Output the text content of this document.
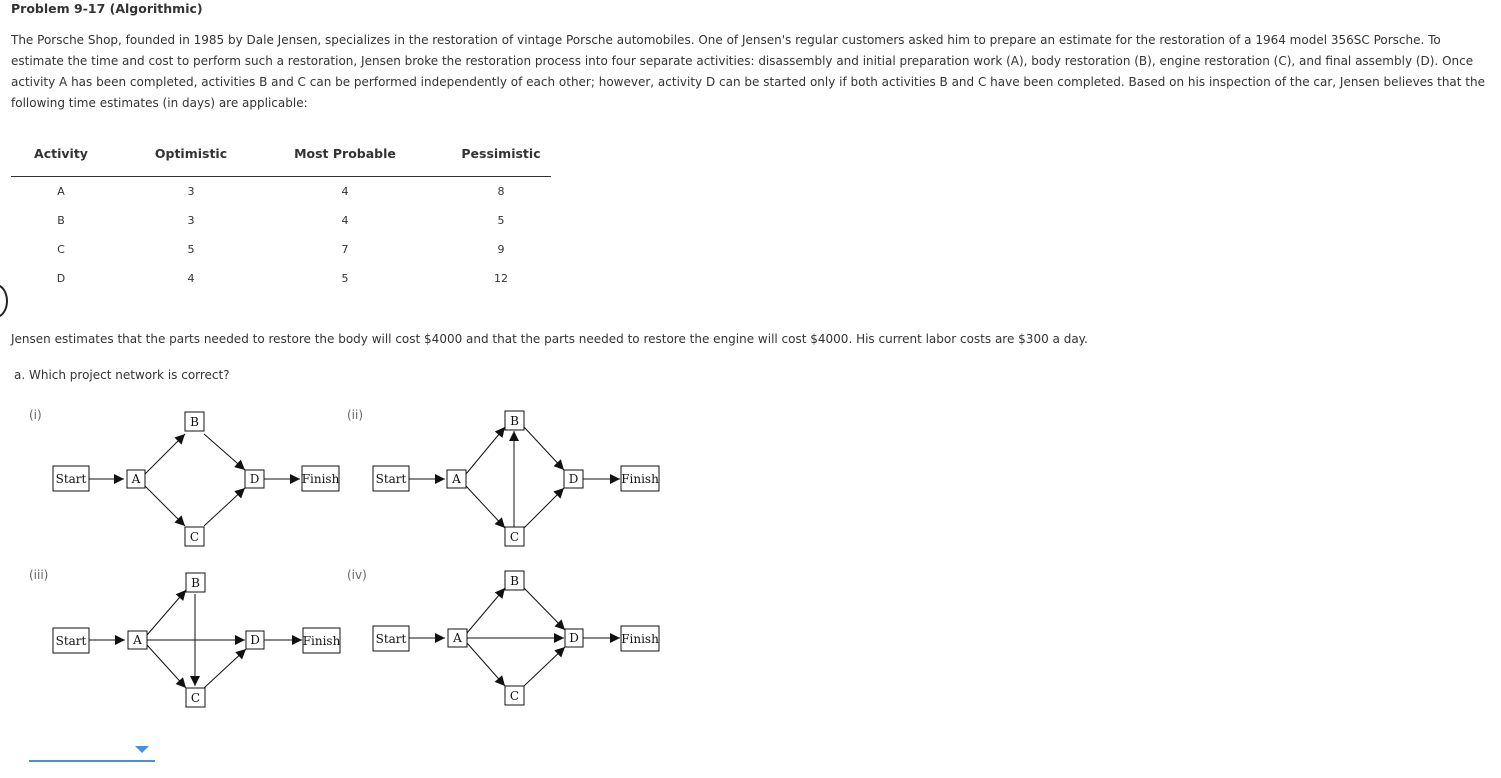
Problem 9-17 (Algorithmic)

The Porsche Shop, founded in 1985 by Dale Jensen, specializes in the restoration of vintage Porsche automobiles. One of Jensen's regular customers asked him to prepare an estimate for the restoration of a 1964 model 356SC Porsche. To estimate the time and cost to perform such a restoration, Jensen broke the restoration process into four separate activities: disassembly and initial preparation work (A), body restoration (B), engine restoration (C), and final assembly (D). Once activity A has been completed, activities B and C can be performed independently of each other; however, activity D can be started only if both activities B and C have been completed. Based on his inspection of the car, Jensen believes that the following time estimates (in days) are applicable:

Activity	Optimistic	Most Probable	Pessimistic
A	3	4	8
B	3	4	5
C	5	7	9
D	4	5	12
Jensen estimates that the parts needed to restore the body will cost $4000 and that the parts needed to restore the engine will cost $4000. His current labor costs are $300 a day.
a. Which project network is correct?
(i)	(ii)
(iii)	(iv)
Start	A
B
C
D	Finish	Start	A
B
C
D	Finish
Start	A
B
C
D	Finish	Start	A
B
C
D	Finish
